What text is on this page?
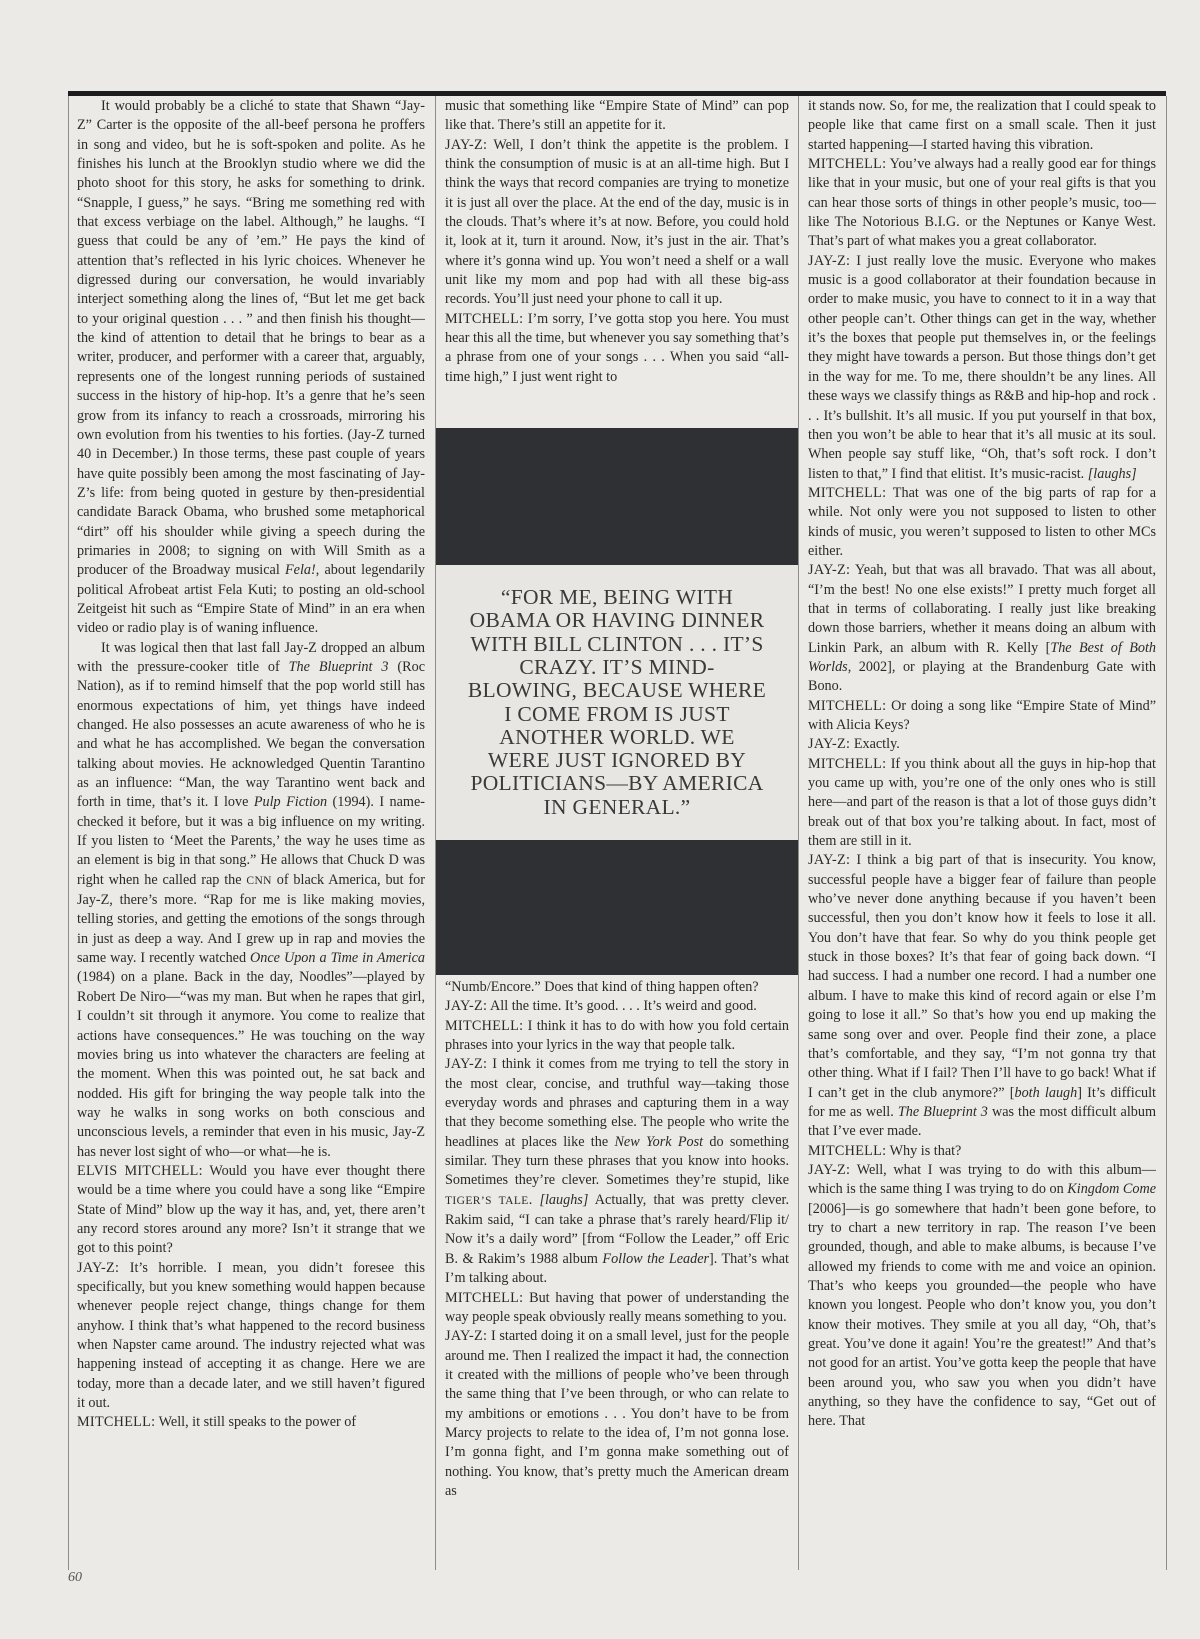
It would probably be a cliché to state that Shawn “Jay-Z” Carter is the opposite of the all-beef persona he proffers in song and video, but he is soft-spoken and polite. As he finishes his lunch at the Brooklyn studio where we did the photo shoot for this story, he asks for something to drink. “Snapple, I guess,” he says. “Bring me something red with that excess verbiage on the label. Although,” he laughs. “I guess that could be any of ’em.” He pays the kind of attention that’s reflected in his lyric choices. Whenever he digressed during our conversation, he would invariably interject something along the lines of, “But let me get back to your original question . . . ” and then finish his thought—the kind of attention to detail that he brings to bear as a writer, producer, and performer with a career that, arguably, represents one of the longest running periods of sustained success in the history of hip-hop. It’s a genre that he’s seen grow from its infancy to reach a crossroads, mirroring his own evolution from his twenties to his forties. (Jay-Z turned 40 in December.) In those terms, these past couple of years have quite possibly been among the most fascinating of Jay-Z’s life: from being quoted in gesture by then-presidential candidate Barack Obama, who brushed some metaphorical “dirt” off his shoulder while giving a speech during the primaries in 2008; to signing on with Will Smith as a producer of the Broadway musical Fela!, about legendarily political Afrobeat artist Fela Kuti; to posting an old-school Zeitgeist hit such as “Empire State of Mind” in an era when video or radio play is of waning influence.

It was logical then that last fall Jay-Z dropped an album with the pressure-cooker title of The Blueprint 3 (Roc Nation), as if to remind himself that the pop world still has enormous expectations of him, yet things have indeed changed. He also possesses an acute awareness of who he is and what he has accomplished. We began the conversation talking about movies. He acknowledged Quentin Tarantino as an influence: “Man, the way Tarantino went back and forth in time, that’s it. I love Pulp Fiction (1994). I name-checked it before, but it was a big influence on my writing. If you listen to ‘Meet the Parents,’ the way he uses time as an element is big in that song.” He allows that Chuck D was right when he called rap the CNN of black America, but for Jay-Z, there’s more. “Rap for me is like making movies, telling stories, and getting the emotions of the songs through in just as deep a way. And I grew up in rap and movies the same way. I recently watched Once Upon a Time in America (1984) on a plane. Back in the day, Noodles”—played by Robert De Niro—“was my man. But when he rapes that girl, I couldn’t sit through it anymore. You come to realize that actions have consequences.” He was touching on the way movies bring us into whatever the characters are feeling at the moment. When this was pointed out, he sat back and nodded. His gift for bringing the way people talk into the way he walks in song works on both conscious and unconscious levels, a reminder that even in his music, Jay-Z has never lost sight of who—or what—he is.

ELVIS MITCHELL: Would you have ever thought there would be a time where you could have a song like “Empire State of Mind” blow up the way it has, and, yet, there aren’t any record stores around any more? Isn’t it strange that we got to this point?

JAY-Z: It’s horrible. I mean, you didn’t foresee this specifically, but you knew something would happen because whenever people reject change, things change for them anyhow. I think that’s what happened to the record business when Napster came around. The industry rejected what was happening instead of accepting it as change. Here we are today, more than a decade later, and we still haven’t figured it out.

MITCHELL: Well, it still speaks to the power of

music that something like “Empire State of Mind” can pop like that. There’s still an appetite for it.

JAY-Z: Well, I don’t think the appetite is the problem. I think the consumption of music is at an all-time high. But I think the ways that record companies are trying to monetize it is just all over the place. At the end of the day, music is in the clouds. That’s where it’s at now. Before, you could hold it, look at it, turn it around. Now, it’s just in the air. That’s where it’s gonna wind up. You won’t need a shelf or a wall unit like my mom and pop had with all these big-ass records. You’ll just need your phone to call it up.

MITCHELL: I’m sorry, I’ve gotta stop you here. You must hear this all the time, but whenever you say something that’s a phrase from one of your songs . . . When you said “all-time high,” I just went right to

“FOR ME, BEING WITH OBAMA OR HAVING DINNER WITH BILL CLINTON . . . IT’S CRAZY. IT’S MIND-BLOWING, BECAUSE WHERE I COME FROM IS JUST ANOTHER WORLD. WE WERE JUST IGNORED BY POLITICIANS—BY AMERICA IN GENERAL.”

“Numb/Encore.” Does that kind of thing happen often?

JAY-Z: All the time. It’s good. . . . It’s weird and good.

MITCHELL: I think it has to do with how you fold certain phrases into your lyrics in the way that people talk.

JAY-Z: I think it comes from me trying to tell the story in the most clear, concise, and truthful way—taking those everyday words and phrases and capturing them in a way that they become something else. The people who write the headlines at places like the New York Post do something similar. They turn these phrases that you know into hooks. Sometimes they’re clever. Sometimes they’re stupid, like TIGER’S TALE. [laughs] Actually, that was pretty clever. Rakim said, “I can take a phrase that’s rarely heard/Flip it/ Now it’s a daily word” [from “Follow the Leader,” off Eric B. & Rakim’s 1988 album Follow the Leader]. That’s what I’m talking about.

MITCHELL: But having that power of understanding the way people speak obviously really means something to you.

JAY-Z: I started doing it on a small level, just for the people around me. Then I realized the impact it had, the connection it created with the millions of people who’ve been through the same thing that I’ve been through, or who can relate to my ambitions or emotions . . . You don’t have to be from Marcy projects to relate to the idea of, I’m not gonna lose. I’m gonna fight, and I’m gonna make something out of nothing. You know, that’s pretty much the American dream as

it stands now. So, for me, the realization that I could speak to people like that came first on a small scale. Then it just started happening—I started having this vibration.

MITCHELL: You’ve always had a really good ear for things like that in your music, but one of your real gifts is that you can hear those sorts of things in other people’s music, too—like The Notorious B.I.G. or the Neptunes or Kanye West. That’s part of what makes you a great collaborator.

JAY-Z: I just really love the music. Everyone who makes music is a good collaborator at their foundation because in order to make music, you have to connect to it in a way that other people can’t. Other things can get in the way, whether it’s the boxes that people put themselves in, or the feelings they might have towards a person. But those things don’t get in the way for me. To me, there shouldn’t be any lines. All these ways we classify things as R&B and hip-hop and rock . . . It’s bullshit. It’s all music. If you put yourself in that box, then you won’t be able to hear that it’s all music at its soul. When people say stuff like, “Oh, that’s soft rock. I don’t listen to that,” I find that elitist. It’s music-racist. [laughs]

MITCHELL: That was one of the big parts of rap for a while. Not only were you not supposed to listen to other kinds of music, you weren’t supposed to listen to other MCs either.

JAY-Z: Yeah, but that was all bravado. That was all about, “I’m the best! No one else exists!” I pretty much forget all that in terms of collaborating. I really just like breaking down those barriers, whether it means doing an album with Linkin Park, an album with R. Kelly [The Best of Both Worlds, 2002], or playing at the Brandenburg Gate with Bono.

MITCHELL: Or doing a song like “Empire State of Mind” with Alicia Keys?

JAY-Z: Exactly.

MITCHELL: If you think about all the guys in hip-hop that you came up with, you’re one of the only ones who is still here—and part of the reason is that a lot of those guys didn’t break out of that box you’re talking about. In fact, most of them are still in it.

JAY-Z: I think a big part of that is insecurity. You know, successful people have a bigger fear of failure than people who’ve never done anything because if you haven’t been successful, then you don’t know how it feels to lose it all. You don’t have that fear. So why do you think people get stuck in those boxes? It’s that fear of going back down. “I had success. I had a number one record. I had a number one album. I have to make this kind of record again or else I’m going to lose it all.” So that’s how you end up making the same song over and over. People find their zone, a place that’s comfortable, and they say, “I’m not gonna try that other thing. What if I fail? Then I’ll have to go back! What if I can’t get in the club anymore?” [both laugh] It’s difficult for me as well. The Blueprint 3 was the most difficult album that I’ve ever made.

MITCHELL: Why is that?

JAY-Z: Well, what I was trying to do with this album—which is the same thing I was trying to do on Kingdom Come [2006]—is go somewhere that hadn’t been gone before, to try to chart a new territory in rap. The reason I’ve been grounded, though, and able to make albums, is because I’ve allowed my friends to come with me and voice an opinion. That’s who keeps you grounded—the people who have known you longest. People who don’t know you, you don’t know their motives. They smile at you all day, “Oh, that’s great. You’ve done it again! You’re the greatest!” And that’s not good for an artist. You’ve gotta keep the people that have been around you, who saw you when you didn’t have anything, so they have the confidence to say, “Get out of here. That

60
